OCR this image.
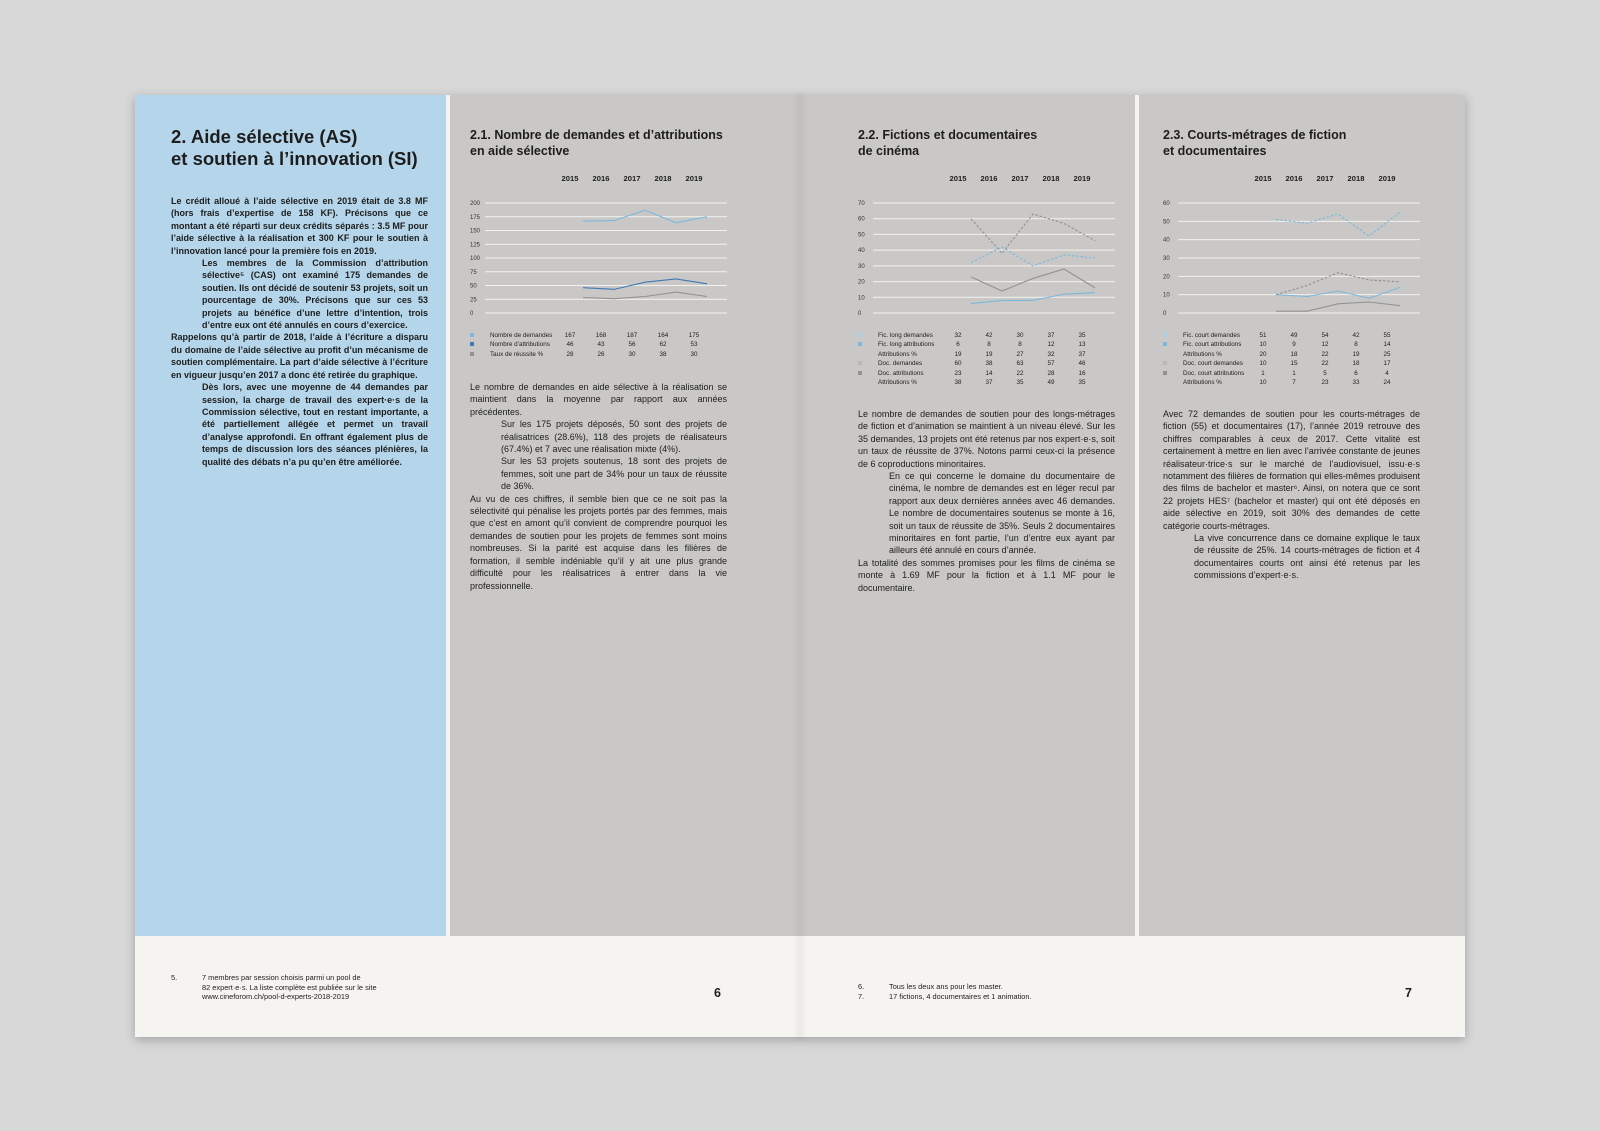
2. Aide sélective (AS)
et soutien à l’innovation (SI)

Le crédit alloué à l’aide sélective en 2019 était de 3.8 MF (hors frais d’expertise de 158 KF). Précisons que ce montant a été réparti sur deux crédits séparés : 3.5 MF pour l’aide sélective à la réalisation et 300 KF pour le soutien à l’innovation lancé pour la première fois en 2019.

Les membres de la Commission d’attribution sélective⁵ (CAS) ont examiné 175 demandes de soutien. Ils ont décidé de soutenir 53 projets, soit un pourcentage de 30%. Précisons que sur ces 53 projets au bénéfice d’une lettre d’intention, trois d’entre eux ont été annulés en cours d’exercice.

Rappelons qu’à partir de 2018, l’aide à l’écriture a disparu du domaine de l’aide sélective au profit d’un mécanisme de soutien complémentaire. La part d’aide sélective à l’écriture en vigueur jusqu’en 2017 a donc été retirée du graphique.

Dès lors, avec une moyenne de 44 demandes par session, la charge de travail des expert·e·s de la Commission sélective, tout en restant importante, a été partiellement allégée et permet un travail d’analyse approfondi. En offrant également plus de temps de discussion lors des séances plénières, la qualité des débats n’a pu qu’en être améliorée.

2.1. Nombre de demandes et d’attributions
en aide sélective
2015	2016	2017	2018	2019
0
25
50
75
100
125
150
175
200
Nombre de demandes	167	168	187	164	175
Nombre d’attributions	46	43	56	62	53
Taux de réussite %	28	26	30	38	30

Le nombre de demandes en aide sélective à la réalisation se maintient dans la moyenne par rapport aux années précédentes.

Sur les 175 projets déposés, 50 sont des projets de réalisatrices (28.6%), 118 des projets de réalisateurs (67.4%) et 7 avec une réalisation mixte (4%).

Sur les 53 projets soutenus, 18 sont des projets de femmes, soit une part de 34% pour un taux de réussite de 36%.

Au vu de ces chiffres, il semble bien que ce ne soit pas la sélectivité qui pénalise les projets portés par des femmes, mais que c’est en amont qu’il convient de comprendre pourquoi les demandes de soutien pour les projets de femmes sont moins nombreuses. Si la parité est acquise dans les filières de formation, il semble indéniable qu’il y ait une plus grande difficulté pour les réalisatrices à entrer dans la vie professionnelle.

5.	7 membres par session choisis parmi un pool de
82 expert·e·s. La liste complète est publiée sur le site
www.cineforom.ch/pool-d-experts-2018-2019	6
2.2. Fictions et documentaires
de cinéma
2015	2016	2017	2018	2019
0
10
20
30
40
50
60
70
Fic. long demandes	32	42	30	37	35
Fic. long attributions	6	8	8	12	13
Attributions %	19	19	27	32	37
Doc. demandes	60	38	63	57	46
Doc. attributions	23	14	22	28	16
Attributions %	38	37	35	49	35

Le nombre de demandes de soutien pour des longs-métrages de fiction et d’animation se maintient à un niveau élevé. Sur les 35 demandes, 13 projets ont été retenus par nos expert·e·s, soit un taux de réussite de 37%. Notons parmi ceux-ci la présence de 6 coproductions minoritaires.

En ce qui concerne le domaine du documentaire de cinéma, le nombre de demandes est en léger recul par rapport aux deux dernières années avec 46 demandes. Le nombre de documentaires soutenus se monte à 16, soit un taux de réussite de 35%. Seuls 2 documentaires minoritaires en font partie, l’un d’entre eux ayant par ailleurs été annulé en cours d’année.

La totalité des sommes promises pour les films de cinéma se monte à 1.69 MF pour la fiction et à 1.1 MF pour le documentaire.

2.3. Courts-métrages de fiction
et documentaires
2015	2016	2017	2018	2019
0
10
20
30
40
50
60
Fic. court demandes	51	49	54	42	55
Fic. court attributions	10	9	12	8	14
Attributions %	20	18	22	19	25
Doc. court demandes	10	15	22	18	17
Doc. court attributions	1	1	5	6	4
Attributions %	10	7	23	33	24

Avec 72 demandes de soutien pour les courts-métrages de fiction (55) et documentaires (17), l’année 2019 retrouve des chiffres comparables à ceux de 2017. Cette vitalité est certainement à mettre en lien avec l’arrivée constante de jeunes réalisateur·trice·s sur le marché de l’audiovisuel, issu·e·s notamment des filières de formation qui elles-mêmes produisent des films de bachelor et master⁶. Ainsi, on notera que ce sont 22 projets HES⁷ (bachelor et master) qui ont été déposés en aide sélective en 2019, soit 30% des demandes de cette catégorie courts-métrages.

La vive concurrence dans ce domaine explique le taux de réussite de 25%. 14 courts-métrages de fiction et 4 documentaires courts ont ainsi été retenus par les commissions d’expert·e·s.

6.	Tous les deux ans pour les master.
7.	17 fictions, 4 documentaires et 1 animation.	7
